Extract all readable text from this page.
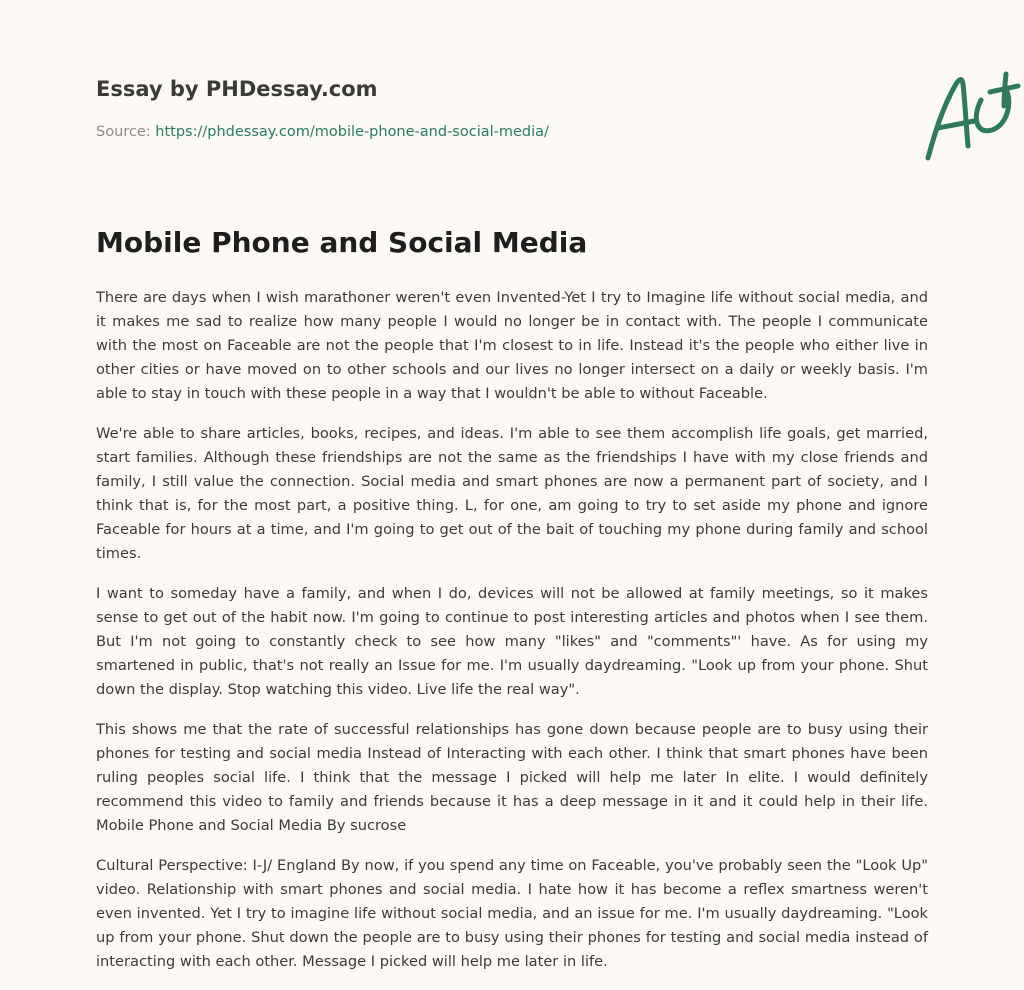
Essay by PHDessay.com
Source: https://phdessay.com/mobile-phone-and-social-media/
Mobile Phone and Social Media

There are days when I wish marathoner weren't even Invented-Yet I try to Imagine life without social media, and it makes me sad to realize how many people I would no longer be in contact with. The people I communicate with the most on Faceable are not the people that I'm closest to in life. Instead it's the people who either live in other cities or have moved on to other schools and our lives no longer intersect on a daily or weekly basis. I'm able to stay in touch with these people in a way that I wouldn't be able to without Faceable.

We're able to share articles, books, recipes, and ideas. I'm able to see them accomplish life goals, get married, start families. Although these friendships are not the same as the friendships I have with my close friends and family, I still value the connection. Social media and smart phones are now a permanent part of society, and I think that is, for the most part, a positive thing. L, for one, am going to try to set aside my phone and ignore Faceable for hours at a time, and I'm going to get out of the bait of touching my phone during family and school times.

I want to someday have a family, and when I do, devices will not be allowed at family meetings, so it makes sense to get out of the habit now. I'm going to continue to post interesting articles and photos when I see them. But I'm not going to constantly check to see how many "likes" and "comments"' have. As for using my smartened in public, that's not really an Issue for me. I'm usually daydreaming. "Look up from your phone. Shut down the display. Stop watching this video. Live life the real way".

This shows me that the rate of successful relationships has gone down because people are to busy using their phones for testing and social media Instead of Interacting with each other. I think that smart phones have been ruling peoples social life. I think that the message I picked will help me later In elite. I would definitely recommend this video to family and friends because it has a deep message in it and it could help in their life. Mobile Phone and Social Media By sucrose

Cultural Perspective: I-J/ England By now, if you spend any time on Faceable, you've probably seen the "Look Up" video. Relationship with smart phones and social media. I hate how it has become a reflex smartness weren't even invented. Yet I try to imagine life without social media, and an issue for me. I'm usually daydreaming. "Look up from your phone. Shut down the people are to busy using their phones for testing and social media instead of interacting with each other. Message I picked will help me later in life.
